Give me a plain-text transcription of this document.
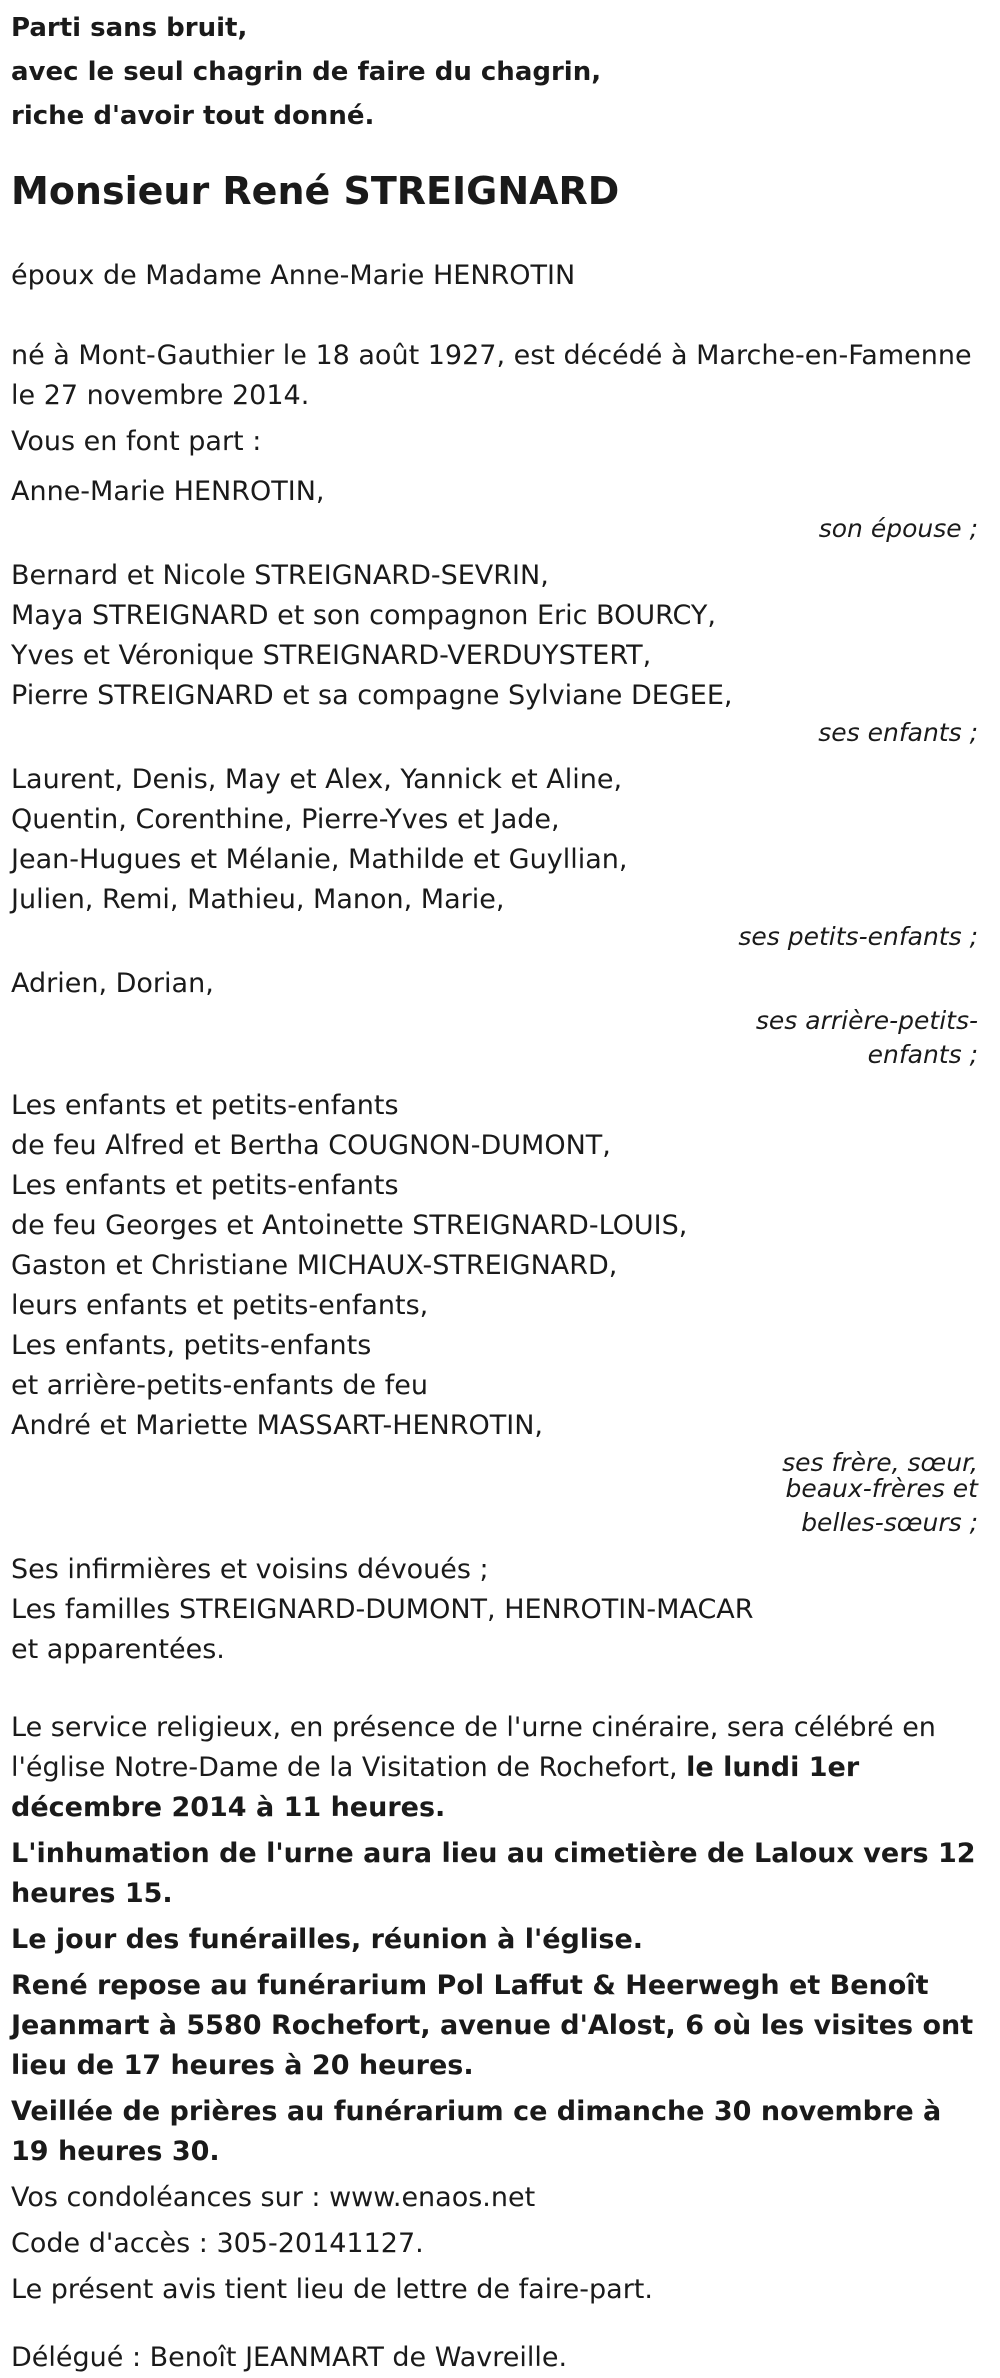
Parti sans bruit,
avec le seul chagrin de faire du chagrin,
riche d'avoir tout donné.
Monsieur René STREIGNARD
époux de Madame Anne-Marie HENROTIN
né à Mont-Gauthier le 18 août 1927, est décédé à Marche-en-Famenne le 27 novembre 2014.
Vous en font part :
Anne-Marie HENROTIN,
son épouse ;
Bernard et Nicole STREIGNARD-SEVRIN,
Maya STREIGNARD et son compagnon Eric BOURCY,
Yves et Véronique STREIGNARD-VERDUYSTERT,
Pierre STREIGNARD et sa compagne Sylviane DEGEE,
ses enfants ;
Laurent, Denis, May et Alex, Yannick et Aline,
Quentin, Corenthine, Pierre-Yves et Jade,
Jean-Hugues et Mélanie, Mathilde et Guyllian,
Julien, Remi, Mathieu, Manon, Marie,
ses petits-enfants ;
Adrien, Dorian,
ses arrière-petits-
enfants ;
Les enfants et petits-enfants
de feu Alfred et Bertha COUGNON-DUMONT,
Les enfants et petits-enfants
de feu Georges et Antoinette STREIGNARD-LOUIS,
Gaston et Christiane MICHAUX-STREIGNARD,
leurs enfants et petits-enfants,
Les enfants, petits-enfants
et arrière-petits-enfants de feu
André et Mariette MASSART-HENROTIN,
ses frère, sœur,
beaux-frères et
belles-sœurs ;
Ses infirmières et voisins dévoués ;
Les familles STREIGNARD-DUMONT, HENROTIN-MACAR
et apparentées.
Le service religieux, en présence de l'urne cinéraire, sera célébré en l'église Notre-Dame de la Visitation de Rochefort, le lundi 1er décembre 2014 à 11 heures.
L'inhumation de l'urne aura lieu au cimetière de Laloux vers 12 heures 15.
Le jour des funérailles, réunion à l'église.
René repose au funérarium Pol Laffut & Heerwegh et Benoît Jeanmart à 5580 Rochefort, avenue d'Alost, 6 où les visites ont lieu de 17 heures à 20 heures.
Veillée de prières au funérarium ce dimanche 30 novembre à 19 heures 30.
Vos condoléances sur : www.enaos.net
Code d'accès : 305-20141127.
Le présent avis tient lieu de lettre de faire-part.
Délégué : Benoît JEANMART de Wavreille.
